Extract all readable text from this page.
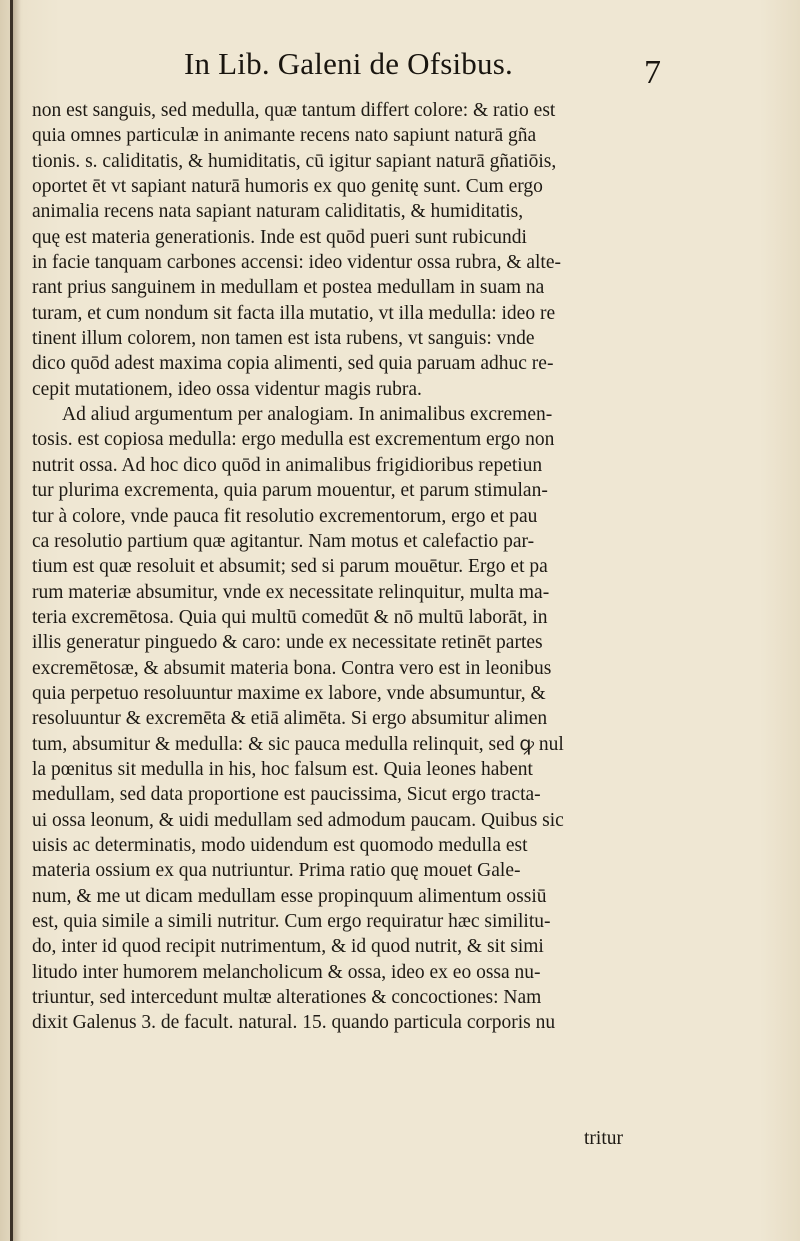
In Lib. Galeni de Ofsibus.	7
non est sanguis, sed medulla, quæ tantum differt colore: & ratio est
quia omnes particulæ in animante recens nato sapiunt naturā gña
tionis. s. caliditatis, & humiditatis, cū igitur sapiant naturā gñatiōis,
oportet ēt vt sapiant naturā humoris ex quo genitę sunt. Cum ergo
animalia recens nata sapiant naturam caliditatis, & humiditatis,
quę est materia generationis. Inde est quōd pueri sunt rubicundi
in facie tanquam carbones accensi: ideo videntur ossa rubra, & alte-
rant prius sanguinem in medullam et postea medullam in suam na
turam, et cum nondum sit facta illa mutatio, vt illa medulla: ideo re
tinent illum colorem, non tamen est ista rubens, vt sanguis: vnde
dico quōd adest maxima copia alimenti, sed quia paruam adhuc re-
cepit mutationem, ideo ossa videntur magis rubra.
Ad aliud argumentum per analogiam. In animalibus excremen-
tosis. est copiosa medulla: ergo medulla est excrementum ergo non
nutrit ossa. Ad hoc dico quōd in animalibus frigidioribus repetiun
tur plurima excrementa, quia parum mouentur, et parum stimulan-
tur à colore, vnde pauca fit resolutio excrementorum, ergo et pau
ca resolutio partium quæ agitantur. Nam motus et calefactio par-
tium est quæ resoluit et absumit; sed si parum mouētur. Ergo et pa
rum materiæ absumitur, vnde ex necessitate relinquitur, multa ma-
teria excremētosa. Quia qui multū comedūt & nō multū laborāt, in
illis generatur pinguedo & caro: unde ex necessitate retinēt partes
excremētosæ, & absumit materia bona. Contra vero est in leonibus
quia perpetuo resoluuntur maxime ex labore, vnde absumuntur, &
resoluuntur & excremēta & etiā alimēta. Si ergo absumitur alimen
tum, absumitur & medulla: & sic pauca medulla relinquit, sed ꝙ nul
la pœnitus sit medulla in his, hoc falsum est. Quia leones habent
medullam, sed data proportione est paucissima, Sicut ergo tracta-
ui ossa leonum, & uidi medullam sed admodum paucam. Quibus sic
uisis ac determinatis, modo uidendum est quomodo medulla est
materia ossium ex qua nutriuntur. Prima ratio quę mouet Gale-
num, & me ut dicam medullam esse propinquum alimentum ossiū
est, quia simile a simili nutritur. Cum ergo requiratur hæc similitu-
do, inter id quod recipit nutrimentum, & id quod nutrit, & sit simi
litudo inter humorem melancholicum & ossa, ideo ex eo ossa nu-
triuntur, sed intercedunt multæ alterationes & concoctiones: Nam
dixit Galenus 3. de facult. natural. 15. quando particula corporis nu
tritur
